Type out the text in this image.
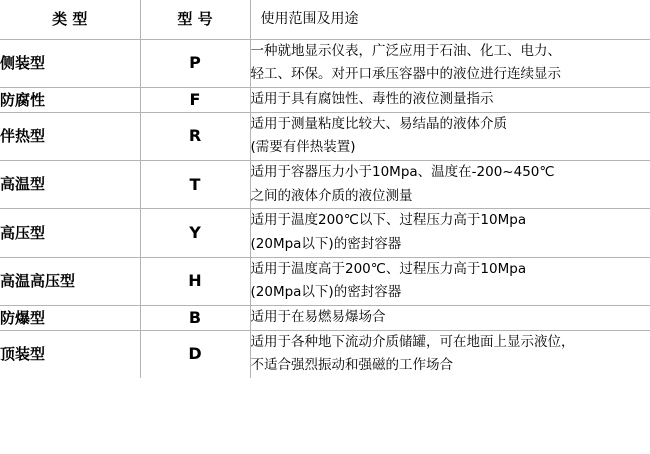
类 型	型 号	使用范围及用途
侧装型	P	一种就地显示仪表，广泛应用于石油、化工、电力、
轻工、环保。对开口承压容器中的液位进行连续显示

防腐性	F	适用于具有腐蚀性、毒性的液位测量指示

伴热型	R	适用于测量粘度比较大、易结晶的液体介质
(需要有伴热装置)

高温型	T	适用于容器压力小于10Mpa、温度在-200~450℃
之间的液体介质的液位测量

高压型	Y	适用于温度200℃以下、过程压力高于10Mpa
(20Mpa以下)的密封容器

高温高压型	H	适用于温度高于200℃、过程压力高于10Mpa
(20Mpa以下)的密封容器

防爆型	B	适用于在易燃易爆场合

顶装型	D	适用于各种地下流动介质储罐，可在地面上显示液位，
不适合强烈振动和强磁的工作场合
